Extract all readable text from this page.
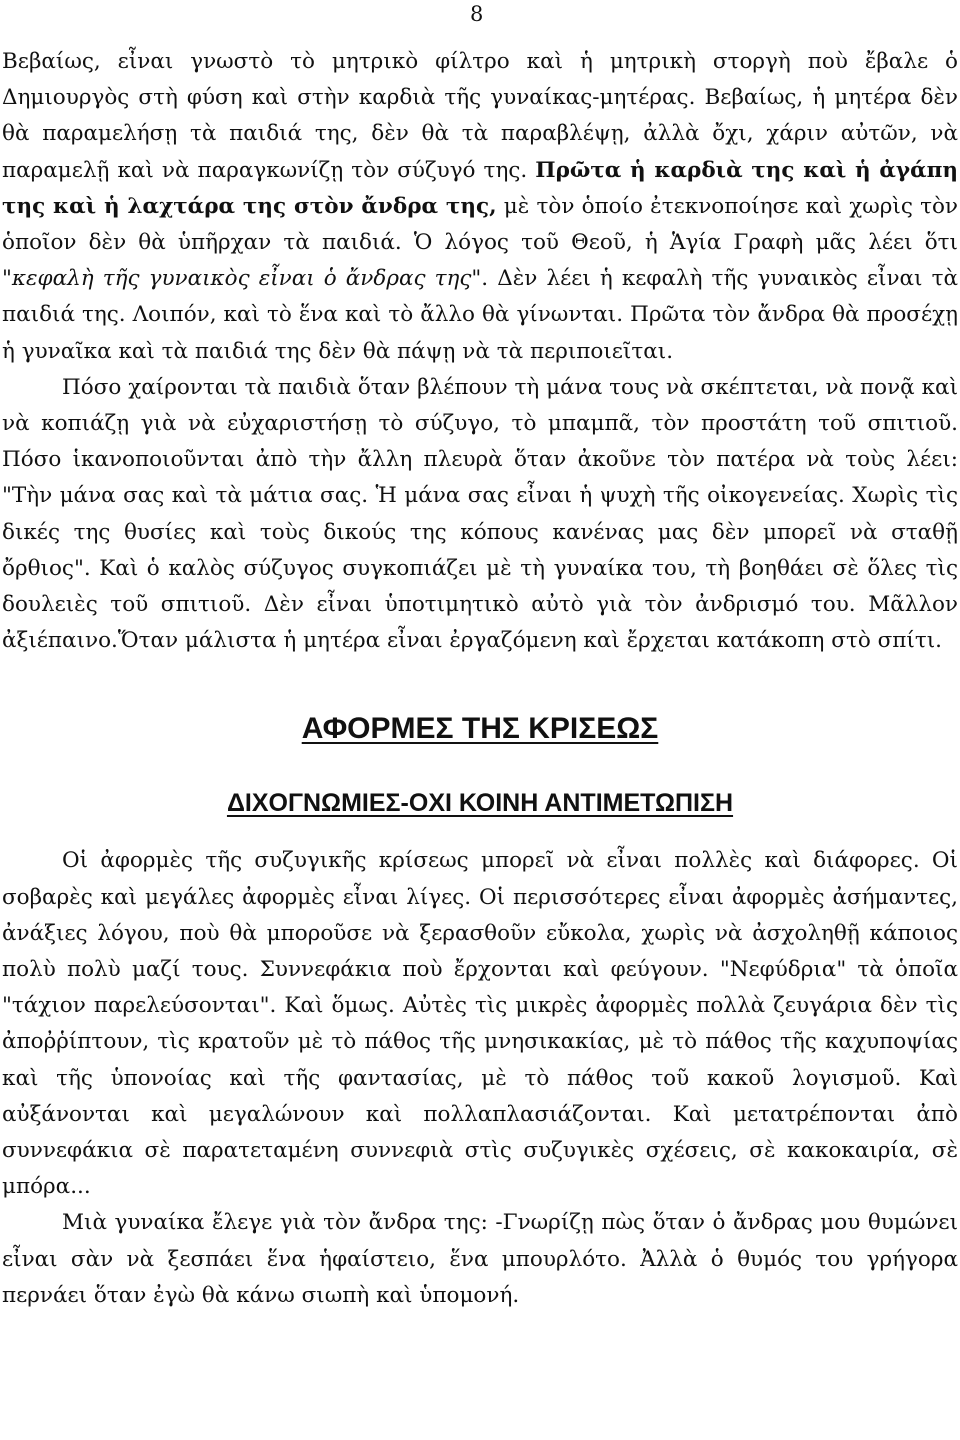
8

Βεβαίως, εἶναι γνωστὸ τὸ μητρικὸ φίλτρο καὶ ἡ μητρικὴ στοργὴ ποὺ ἔβαλε ὁ Δημιουργὸς στὴ φύση καὶ στὴν καρδιὰ τῆς γυναίκας-μητέρας. Βεβαίως, ἡ μητέρα δὲν θὰ παραμελήσῃ τὰ παιδιά της, δὲν θὰ τὰ παραβλέψῃ, ἀλλὰ ὄχι, χάριν αὐτῶν, νὰ παραμελῇ καὶ νὰ παραγκωνίζῃ τὸν σύζυγό της. Πρῶτα ἡ καρδιὰ της καὶ ἡ ἀγάπη της καὶ ἡ λαχτάρα της στὸν ἄνδρα της, μὲ τὸν ὁποίο ἐτεκνοποίησε καὶ χωρὶς τὸν ὁποῖον δὲν θὰ ὑπῆρχαν τὰ παιδιά. Ὁ λόγος τοῦ Θεοῦ, ἡ Ἁγία Γραφὴ μᾶς λέει ὅτι "κεφαλὴ τῆς γυναικὸς εἶναι ὁ ἄνδρας της". Δὲν λέει ἡ κεφαλὴ τῆς γυναικὸς εἶναι τὰ παιδιά της. Λοιπόν, καὶ τὸ ἕνα καὶ τὸ ἄλλο θὰ γίνωνται. Πρῶτα τὸν ἄνδρα θὰ προσέχῃ ἡ γυναῖκα καὶ τὰ παιδιά της δὲν θὰ πάψῃ νὰ τὰ περιποιεῖται.

Πόσο χαίρονται τὰ παιδιὰ ὅταν βλέπουν τὴ μάνα τους νὰ σκέπτεται, νὰ πονᾷ καὶ νὰ κοπιάζῃ γιὰ νὰ εὐχαριστήσῃ τὸ σύζυγο, τὸ μπαμπᾶ, τὸν προστάτη τοῦ σπιτιοῦ. Πόσο ἱκανοποιοῦνται ἀπὸ τὴν ἄλλη πλευρὰ ὅταν ἀκοῦνε τὸν πατέρα νὰ τοὺς λέει: "Τὴν μάνα σας καὶ τὰ μάτια σας. Ἡ μάνα σας εἶναι ἡ ψυχὴ τῆς οἰκογενείας. Χωρὶς τὶς δικές της θυσίες καὶ τοὺς δικούς της κόπους κανένας μας δὲν μπορεῖ νὰ σταθῇ ὄρθιος". Καὶ ὁ καλὸς σύζυγος συγκοπιάζει μὲ τὴ γυναίκα του, τὴ βοηθάει σὲ ὅλες τὶς δουλειὲς τοῦ σπιτιοῦ. Δὲν εἶναι ὑποτιμητικὸ αὐτὸ γιὰ τὸν ἀνδρισμό του. Μᾶλλον ἀξιέπαινο.Ὅταν μάλιστα ἡ μητέρα εἶναι ἐργαζόμενη καὶ ἔρχεται κατάκοπη στὸ σπίτι.

ΑΦΟΡΜΕΣ ΤΗΣ ΚΡΙΣΕΩΣ
ΔΙΧΟΓΝΩΜΙΕΣ-ΟΧΙ ΚΟΙΝΗ ΑΝΤΙΜΕΤΩΠΙΣΗ

Οἱ ἀφορμὲς τῆς συζυγικῆς κρίσεως μπορεῖ νὰ εἶναι πολλὲς καὶ διάφορες. Οἱ σοβαρὲς καὶ μεγάλες ἀφορμὲς εἶναι λίγες. Οἱ περισσότερες εἶναι ἀφορμὲς ἀσήμαντες, ἀνάξιες λόγου, ποὺ θὰ μποροῦσε νὰ ξερασθοῦν εὔκολα, χωρὶς νὰ ἀσχοληθῇ κάποιος πολὺ πολὺ μαζί τους. Συννεφάκια ποὺ ἔρχονται καὶ φεύγουν. "Νεφύδρια" τὰ ὁποῖα "τάχιον παρελεύσονται". Καὶ ὅμως. Αὐτὲς τὶς μικρὲς ἀφορμὲς πολλὰ ζευγάρια δὲν τὶς ἀποῤῥίπτουν, τὶς κρατοῦν μὲ τὸ πάθος τῆς μνησικακίας, μὲ τὸ πάθος τῆς καχυποψίας καὶ τῆς ὑπονοίας καὶ τῆς φαντασίας, μὲ τὸ πάθος τοῦ κακοῦ λογισμοῦ. Καὶ αὐξάνονται καὶ μεγαλώνουν καὶ πολλαπλασιάζονται. Καὶ μετατρέπονται ἀπὸ συννεφάκια σὲ παρατεταμένη συννεφιὰ στὶς συζυγικὲς σχέσεις, σὲ κακοκαιρία, σὲ μπόρα...

Μιὰ γυναίκα ἔλεγε γιὰ τὸν ἄνδρα της: -Γνωρίζῃ πὼς ὅταν ὁ ἄνδρας μου θυμώνει εἶναι σὰν νὰ ξεσπάει ἕνα ἡφαίστειο, ἕνα μπουρλότο. Ἀλλὰ ὁ θυμός του γρήγορα περνάει ὅταν ἐγὼ θὰ κάνω σιωπὴ καὶ ὑπομονή.
